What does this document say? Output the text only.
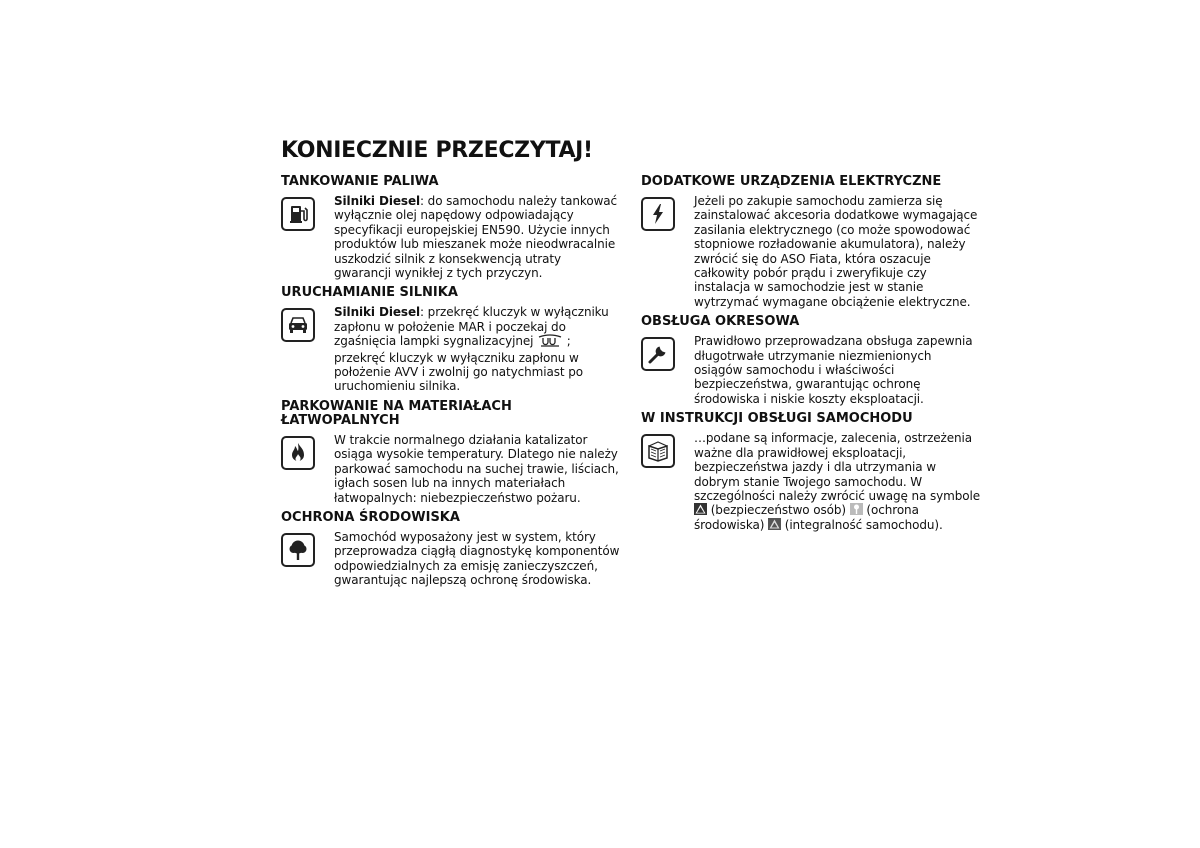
KONIECZNIE PRZECZYTAJ!
TANKOWANIE PALIWA

Silniki Diesel: do samochodu należy tankować wyłącznie olej napędowy odpowiadający specyfikacji europejskiej EN590. Użycie innych produktów lub mieszanek może nieodwracalnie uszkodzić silnik z konsekwencją utraty gwarancji wynikłej z tych przyczyn.

URUCHAMIANIE SILNIKA

Silniki Diesel: przekręć kluczyk w wyłączniku zapłonu w położenie MAR i poczekaj do zgaśnięcia lampki sygnalizacyjnej  ; przekręć kluczyk w wyłączniku zapłonu w położenie AVV i zwolnij go natychmiast po uruchomieniu silnika.

PARKOWANIE NA MATERIAŁACH ŁATWOPALNYCH

W trakcie normalnego działania katalizator osiąga wysokie temperatury. Dlatego nie należy parkować samochodu na suchej trawie, liściach, igłach sosen lub na innych materiałach łatwopalnych: niebezpieczeństwo pożaru.

OCHRONA ŚRODOWISKA

Samochód wyposażony jest w system, który przeprowadza ciągłą diagnostykę komponentów odpowiedzialnych za emisję zanieczyszczeń, gwarantując najlepszą ochronę środowiska.

DODATKOWE URZĄDZENIA ELEKTRYCZNE

Jeżeli po zakupie samochodu zamierza się zainstalować akcesoria dodatkowe wymagające zasilania elektrycznego (co może spowodować stopniowe rozładowanie akumulatora), należy zwrócić się do ASO Fiata, która oszacuje całkowity pobór prądu i zweryfikuje czy instalacja w samochodzie jest w stanie wytrzymać wymagane obciążenie elektryczne.

OBSŁUGA OKRESOWA

Prawidłowo przeprowadzana obsługa zapewnia długotrwałe utrzymanie niezmienionych osiągów samochodu i właściwości bezpieczeństwa, gwarantując ochronę środowiska i niskie koszty eksploatacji.

W INSTRUKCJI OBSŁUGI SAMOCHODU

…podane są informacje, zalecenia, ostrzeżenia ważne dla prawidłowej eksploatacji, bezpieczeństwa jazdy i dla utrzymania w dobrym stanie Twojego samochodu. W szczególności należy zwrócić uwagę na symbole  (bezpieczeństwo osób) (ochrona środowiska) (integralność samochodu).
